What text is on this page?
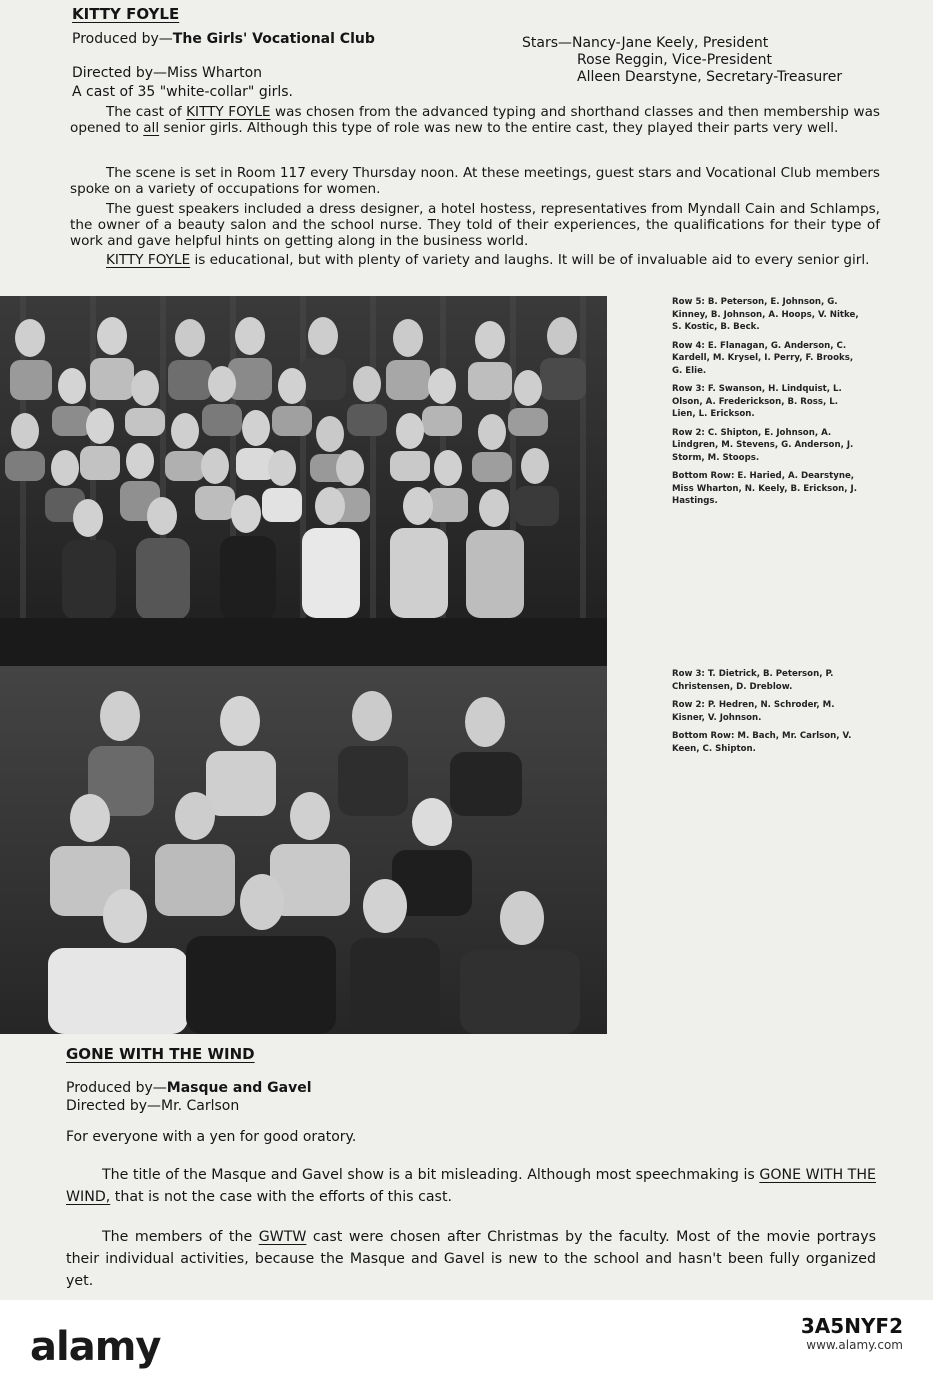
KITTY FOYLE
Produced by—The Girls' Vocational Club
Directed by—Miss Wharton
A cast of 35 "white-collar" girls.
Stars—Nancy-Jane Keely, President
Rose Reggin, Vice-President
Alleen Dearstyne, Secretary-Treasurer

The cast of KITTY FOYLE was chosen from the advanced typing and shorthand classes and then membership was opened to all senior girls. Although this type of role was new to the entire cast, they played their parts very well.

The scene is set in Room 117 every Thursday noon. At these meetings, guest stars and Vocational Club members spoke on a variety of occupations for women.

The guest speakers included a dress designer, a hotel hostess, representatives from Myndall Cain and Schlamps, the owner of a beauty salon and the school nurse. They told of their experiences, the qualifications for their type of work and gave helpful hints on getting along in the business world.

KITTY FOYLE is educational, but with plenty of variety and laughs. It will be of invaluable aid to every senior girl.

Row 5: B. Peterson, E. Johnson, G. Kinney, B. Johnson, A. Hoops, V. Nitke, S. Kostic, B. Beck.

Row 4: E. Flanagan, G. Anderson, C. Kardell, M. Krysel, I. Perry, F. Brooks, G. Elie.

Row 3: F. Swanson, H. Lindquist, L. Olson, A. Frederickson, B. Ross, L. Lien, L. Erickson.

Row 2: C. Shipton, E. Johnson, A. Lindgren, M. Stevens, G. Anderson, J. Storm, M. Stoops.

Bottom Row: E. Haried, A. Dearstyne, Miss Wharton, N. Keely, B. Erickson, J. Hastings.

Row 3: T. Dietrick, B. Peterson, P. Christensen, D. Dreblow.

Row 2: P. Hedren, N. Schroder, M. Kisner, V. Johnson.

Bottom Row: M. Bach, Mr. Carlson, V. Keen, C. Shipton.

GONE WITH THE WIND
Produced by—Masque and Gavel
Directed by—Mr. Carlson
For everyone with a yen for good oratory.

The title of the Masque and Gavel show is a bit misleading. Although most speechmaking is GONE WITH THE WIND, that is not the case with the efforts of this cast.

The members of the GWTW cast were chosen after Christmas by the faculty. Most of the movie portrays their individual activities, because the Masque and Gavel is new to the school and hasn't been fully organized yet.

alamy	3A5NYF2
www.alamy.com
